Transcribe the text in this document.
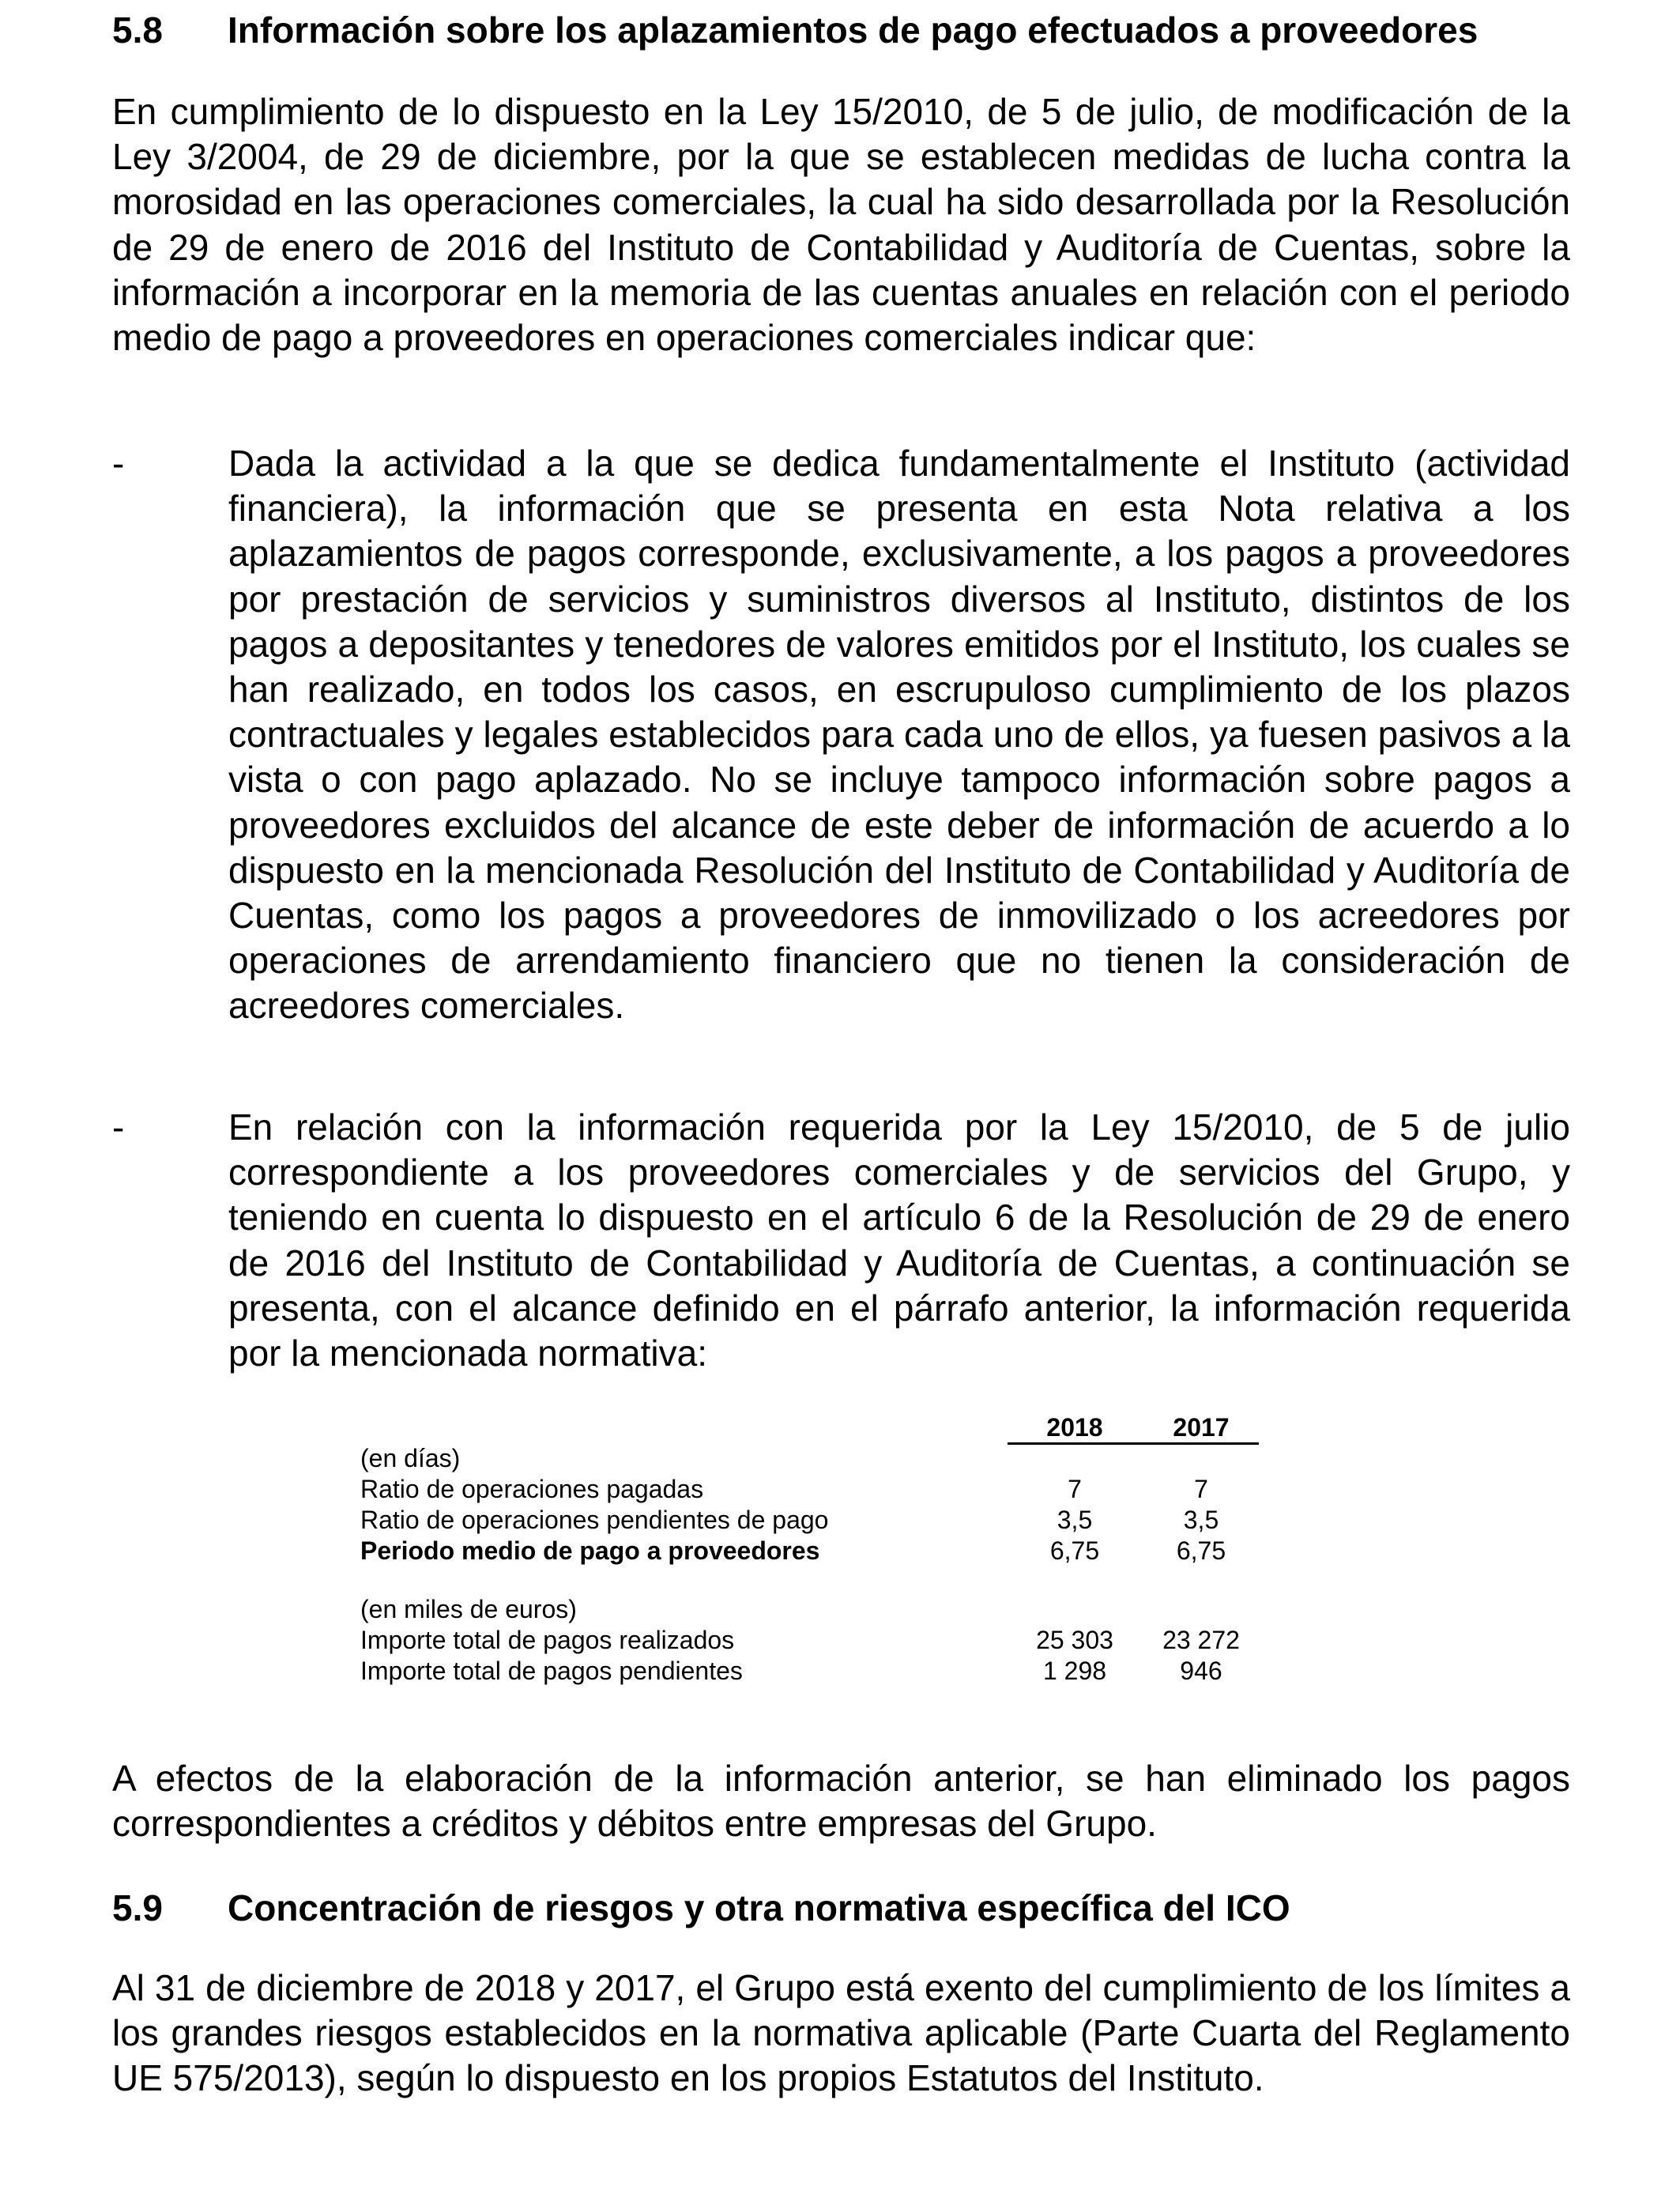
5.8 Información sobre los aplazamientos de pago efectuados a proveedores

En cumplimiento de lo dispuesto en la Ley 15/2010, de 5 de julio, de modificación de la Ley 3/2004, de 29 de diciembre, por la que se establecen medidas de lucha contra la morosidad en las operaciones comerciales, la cual ha sido desarrollada por la Resolución de 29 de enero de 2016 del Instituto de Contabilidad y Auditoría de Cuentas, sobre la información a incorporar en la memoria de las cuentas anuales en relación con el periodo medio de pago a proveedores en operaciones comerciales indicar que:

-	Dada la actividad a la que se dedica fundamentalmente el Instituto (actividad financiera), la información que se presenta en esta Nota relativa a los aplazamientos de pagos corresponde, exclusivamente, a los pagos a proveedores por prestación de servicios y suministros diversos al Instituto, distintos de los pagos a depositantes y tenedores de valores emitidos por el Instituto, los cuales se han realizado, en todos los casos, en escrupuloso cumplimiento de los plazos contractuales y legales establecidos para cada uno de ellos, ya fuesen pasivos a la vista o con pago aplazado. No se incluye tampoco información sobre pagos a proveedores excluidos del alcance de este deber de información de acuerdo a lo dispuesto en la mencionada Resolución del Instituto de Contabilidad y Auditoría de Cuentas, como los pagos a proveedores de inmovilizado o los acreedores por operaciones de arrendamiento financiero que no tienen la consideración de acreedores comerciales.

-	En relación con la información requerida por la Ley 15/2010, de 5 de julio correspondiente a los proveedores comerciales y de servicios del Grupo, y teniendo en cuenta lo dispuesto en el artículo 6 de la Resolución de 29 de enero de 2016 del Instituto de Contabilidad y Auditoría de Cuentas, a continuación se presenta, con el alcance definido en el párrafo anterior, la información requerida por la mencionada normativa:

2018	2017
(en días)
Ratio de operaciones pagadas	7	7
Ratio de operaciones pendientes de pago	3,5	3,5
Periodo medio de pago a proveedores	6,75	6,75
(en miles de euros)
Importe total de pagos realizados	25 303	23 272
Importe total de pagos pendientes	1 298	946

A efectos de la elaboración de la información anterior, se han eliminado los pagos correspondientes a créditos y débitos entre empresas del Grupo.

5.9 Concentración de riesgos y otra normativa específica del ICO

Al 31 de diciembre de 2018 y 2017, el Grupo está exento del cumplimiento de los límites a los grandes riesgos establecidos en la normativa aplicable (Parte Cuarta del Reglamento UE 575/2013), según lo dispuesto en los propios Estatutos del Instituto.
